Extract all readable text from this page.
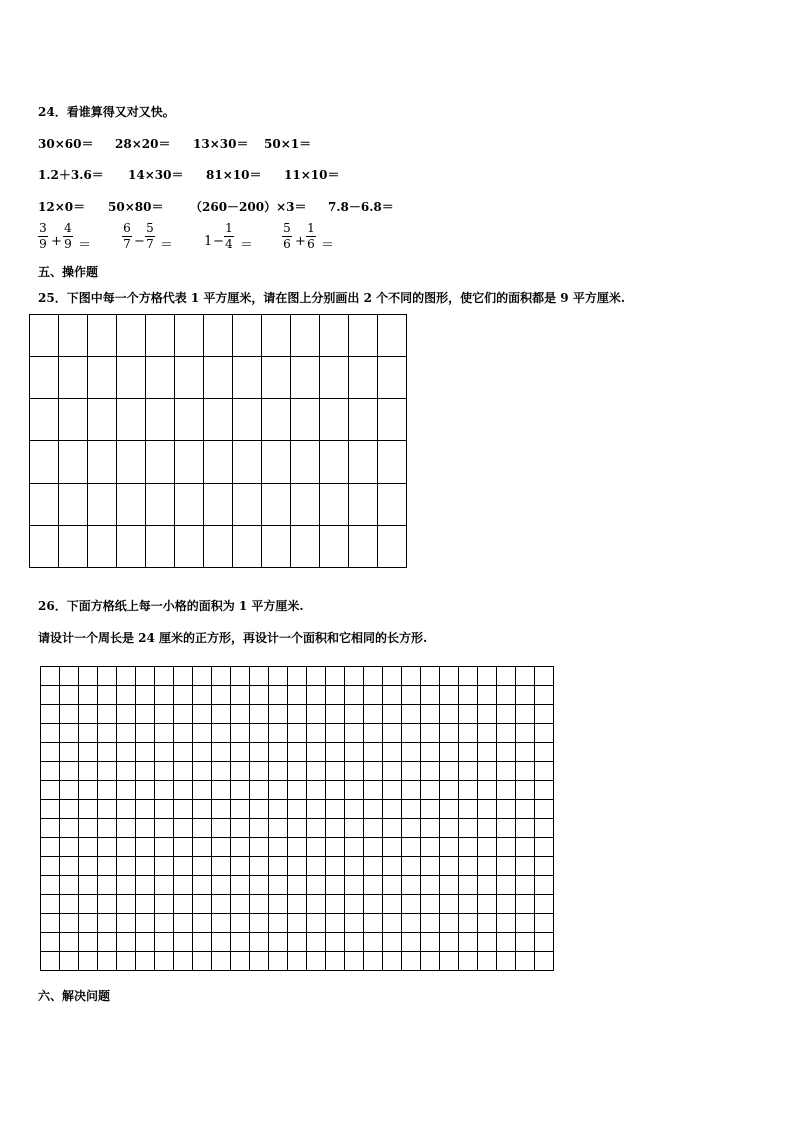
24．看谁算得又对又快。
30×60＝ 28×20＝ 13×30＝ 50×1＝
1.2＋3.6＝ 14×30＝ 81×10＝ 11×10＝
12×0＝ 50×80＝ （260－200）×3＝ 7.8－6.8＝
3
9 +
4
9 ＝
6
7 −
5
7 ＝ 1 −
1
4 ＝
5
6 +
1
6 ＝
五、操作题
25．下图中每一个方格代表 1 平方厘米，请在图上分别画出 2 个不同的图形，使它们的面积都是 9 平方厘米.

26．下面方格纸上每一小格的面积为 1 平方厘米.
请设计一个周长是 24 厘米的正方形，再设计一个面积和它相同的长方形.

六、解决问题
